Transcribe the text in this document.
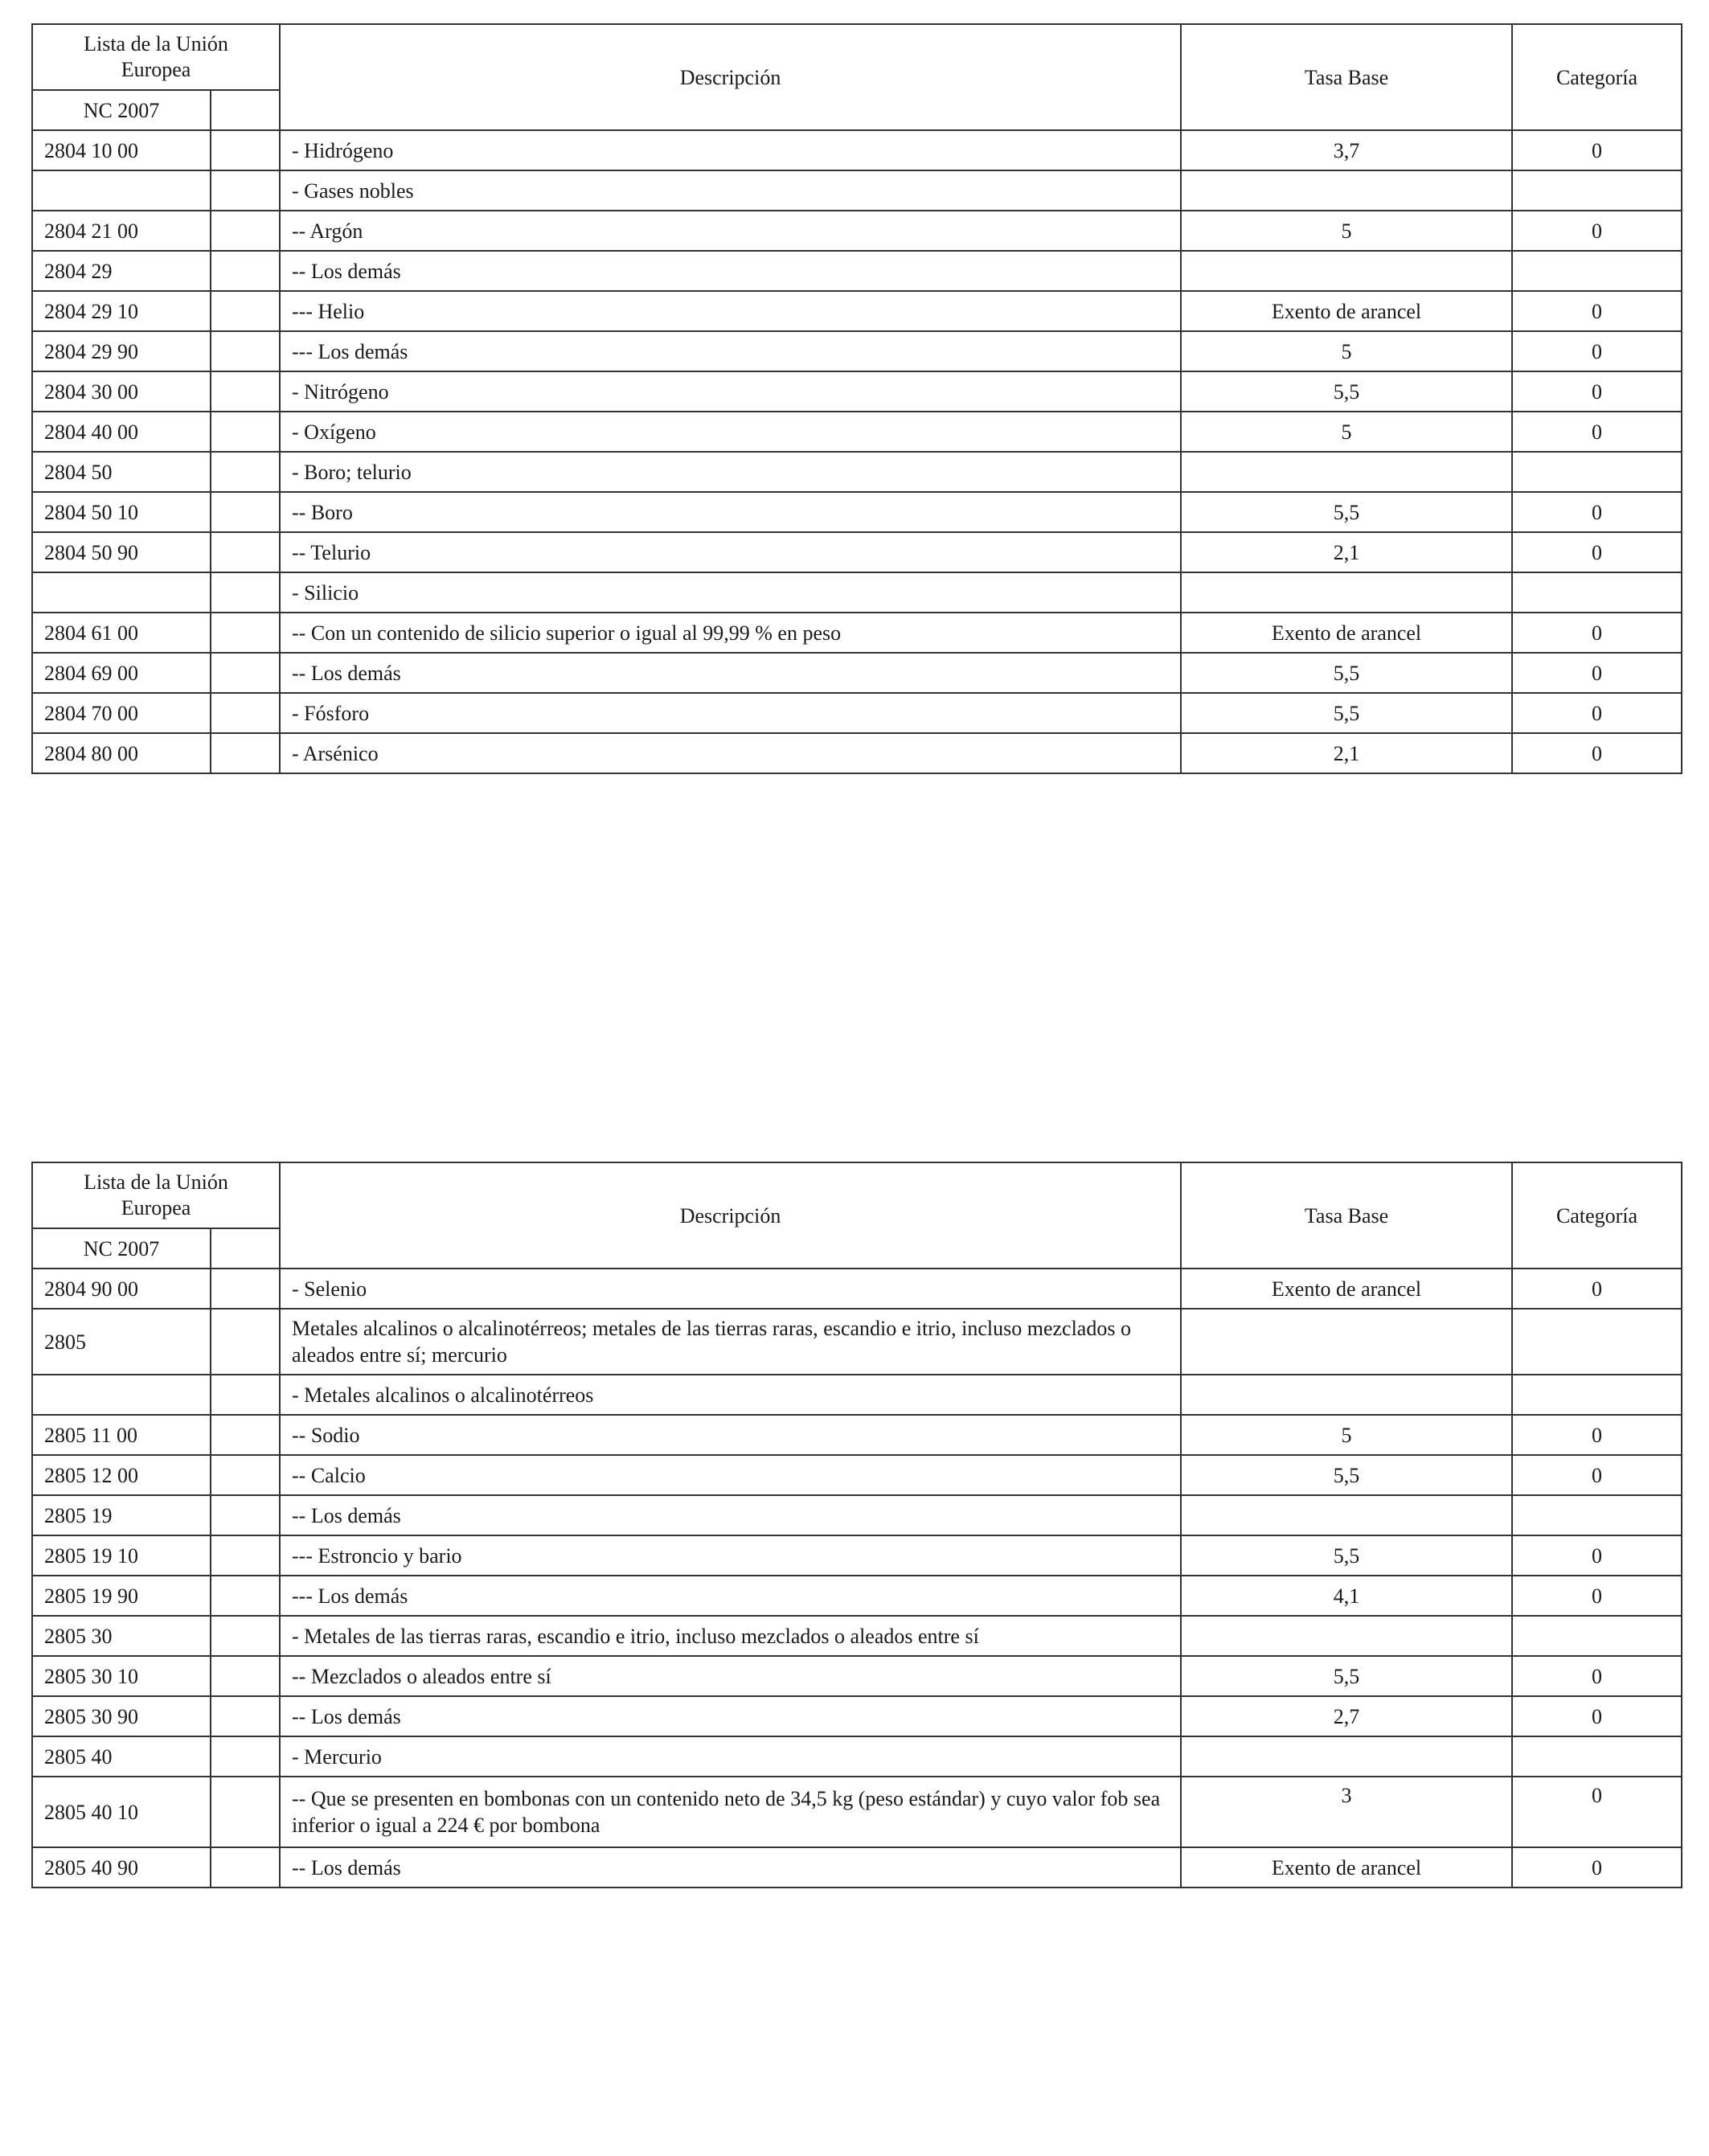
Lista de la Unión
Europea		Descripción	Tasa Base	Categoría
NC 2007				
2804 10 00		- Hidrógeno	3,7	0
		- Gases nobles		
2804 21 00		-- Argón	5	0
2804 29		-- Los demás		
2804 29 10		--- Helio	Exento de arancel	0
2804 29 90		--- Los demás	5	0
2804 30 00		- Nitrógeno	5,5	0
2804 40 00		- Oxígeno	5	0
2804 50		- Boro; telurio		
2804 50 10		-- Boro	5,5	0
2804 50 90		-- Telurio	2,1	0
		- Silicio		
2804 61 00		-- Con un contenido de silicio superior o igual al 99,99 % en peso	Exento de arancel	0
2804 69 00		-- Los demás	5,5	0
2804 70 00		- Fósforo	5,5	0
2804 80 00		- Arsénico	2,1	0
Lista de la Unión
Europea		Descripción	Tasa Base	Categoría
NC 2007				
2804 90 00		- Selenio	Exento de arancel	0
2805		Metales alcalinos o alcalinotérreos; metales de las tierras raras, escandio e itrio, incluso mezclados o aleados entre sí; mercurio		
		- Metales alcalinos o alcalinotérreos		
2805 11 00		-- Sodio	5	0
2805 12 00		-- Calcio	5,5	0
2805 19		-- Los demás		
2805 19 10		--- Estroncio y bario	5,5	0
2805 19 90		--- Los demás	4,1	0
2805 30		- Metales de las tierras raras, escandio e itrio, incluso mezclados o aleados entre sí		
2805 30 10		-- Mezclados o aleados entre sí	5,5	0
2805 30 90		-- Los demás	2,7	0
2805 40		- Mercurio		
2805 40 10		-- Que se presenten en bombonas con un contenido neto de 34,5 kg (peso estándar) y cuyo valor fob sea inferior o igual a 224 € por bombona	3	0
2805 40 90		-- Los demás	Exento de arancel	0
